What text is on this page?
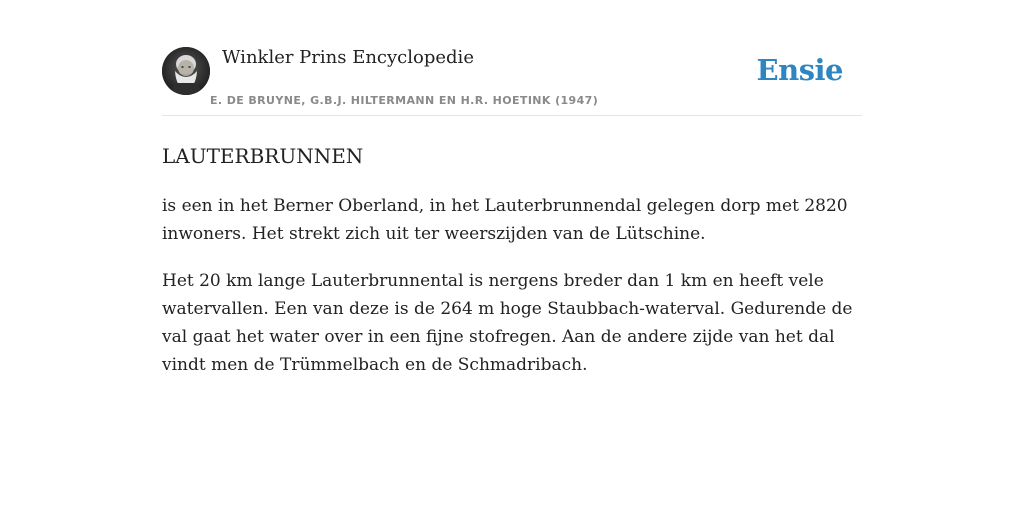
Winkler Prins Encyclopedie
E. DE BRUYNE, G.B.J. HILTERMANN EN H.R. HOETINK (1947)
Ensie
LAUTERBRUNNEN

is een in het Berner Oberland, in het Lauterbrunnendal gelegen dorp met 2820 inwoners. Het strekt zich uit ter weerszijden van de Lütschine.

Het 20 km lange Lauterbrunnental is nergens breder dan 1 km en heeft vele watervallen. Een van deze is de 264 m hoge Staubbach-waterval. Gedurende de val gaat het water over in een fijne stofregen. Aan de andere zijde van het dal vindt men de Trümmelbach en de Schmadribach.
